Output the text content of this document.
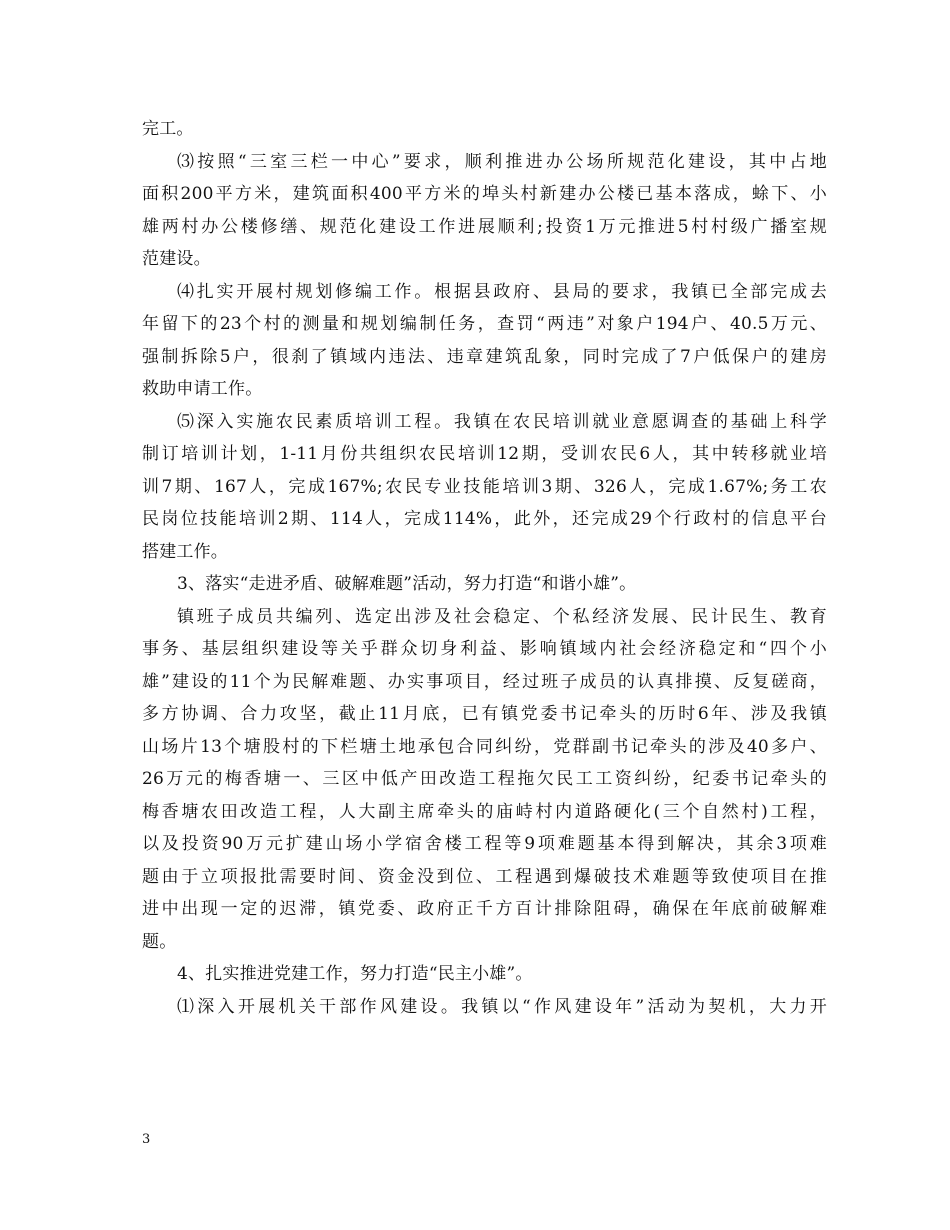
完工。
⑶按照“三室三栏一中心”要求，顺利推进办公场所规范化建设，其中占地
面积200平方米，建筑面积400平方米的埠头村新建办公楼已基本落成，蜍下、小
雄两村办公楼修缮、规范化建设工作进展顺利;投资1万元推进5村村级广播室规
范建设。
⑷扎实开展村规划修编工作。根据县政府、县局的要求，我镇已全部完成去
年留下的23个村的测量和规划编制任务，查罚“两违”对象户194户、40.5万元、
强制拆除5户，很刹了镇域内违法、违章建筑乱象，同时完成了7户低保户的建房
救助申请工作。
⑸深入实施农民素质培训工程。我镇在农民培训就业意愿调查的基础上科学
制订培训计划，1-11月份共组织农民培训12期，受训农民6人，其中转移就业培
训7期、167人，完成167%;农民专业技能培训3期、326人，完成1.67%;务工农
民岗位技能培训2期、114人，完成114%，此外，还完成29个行政村的信息平台
搭建工作。
3、落实“走进矛盾、破解难题”活动，努力打造“和谐小雄”。
镇班子成员共编列、选定出涉及社会稳定、个私经济发展、民计民生、教育
事务、基层组织建设等关乎群众切身利益、影响镇域内社会经济稳定和“四个小
雄”建设的11个为民解难题、办实事项目，经过班子成员的认真排摸、反复磋商，
多方协调、合力攻坚，截止11月底，已有镇党委书记牵头的历时6年、涉及我镇
山场片13个塘股村的下栏塘土地承包合同纠纷，党群副书记牵头的涉及40多户、
26万元的梅香塘一、三区中低产田改造工程拖欠民工工资纠纷，纪委书记牵头的
梅香塘农田改造工程，人大副主席牵头的庙峙村内道路硬化(三个自然村)工程，
以及投资90万元扩建山场小学宿舍楼工程等9项难题基本得到解决，其余3项难
题由于立项报批需要时间、资金没到位、工程遇到爆破技术难题等致使项目在推
进中出现一定的迟滞，镇党委、政府正千方百计排除阻碍，确保在年底前破解难
题。
4、扎实推进党建工作，努力打造“民主小雄”。
⑴深入开展机关干部作风建设。我镇以“作风建设年”活动为契机，大力开
3
